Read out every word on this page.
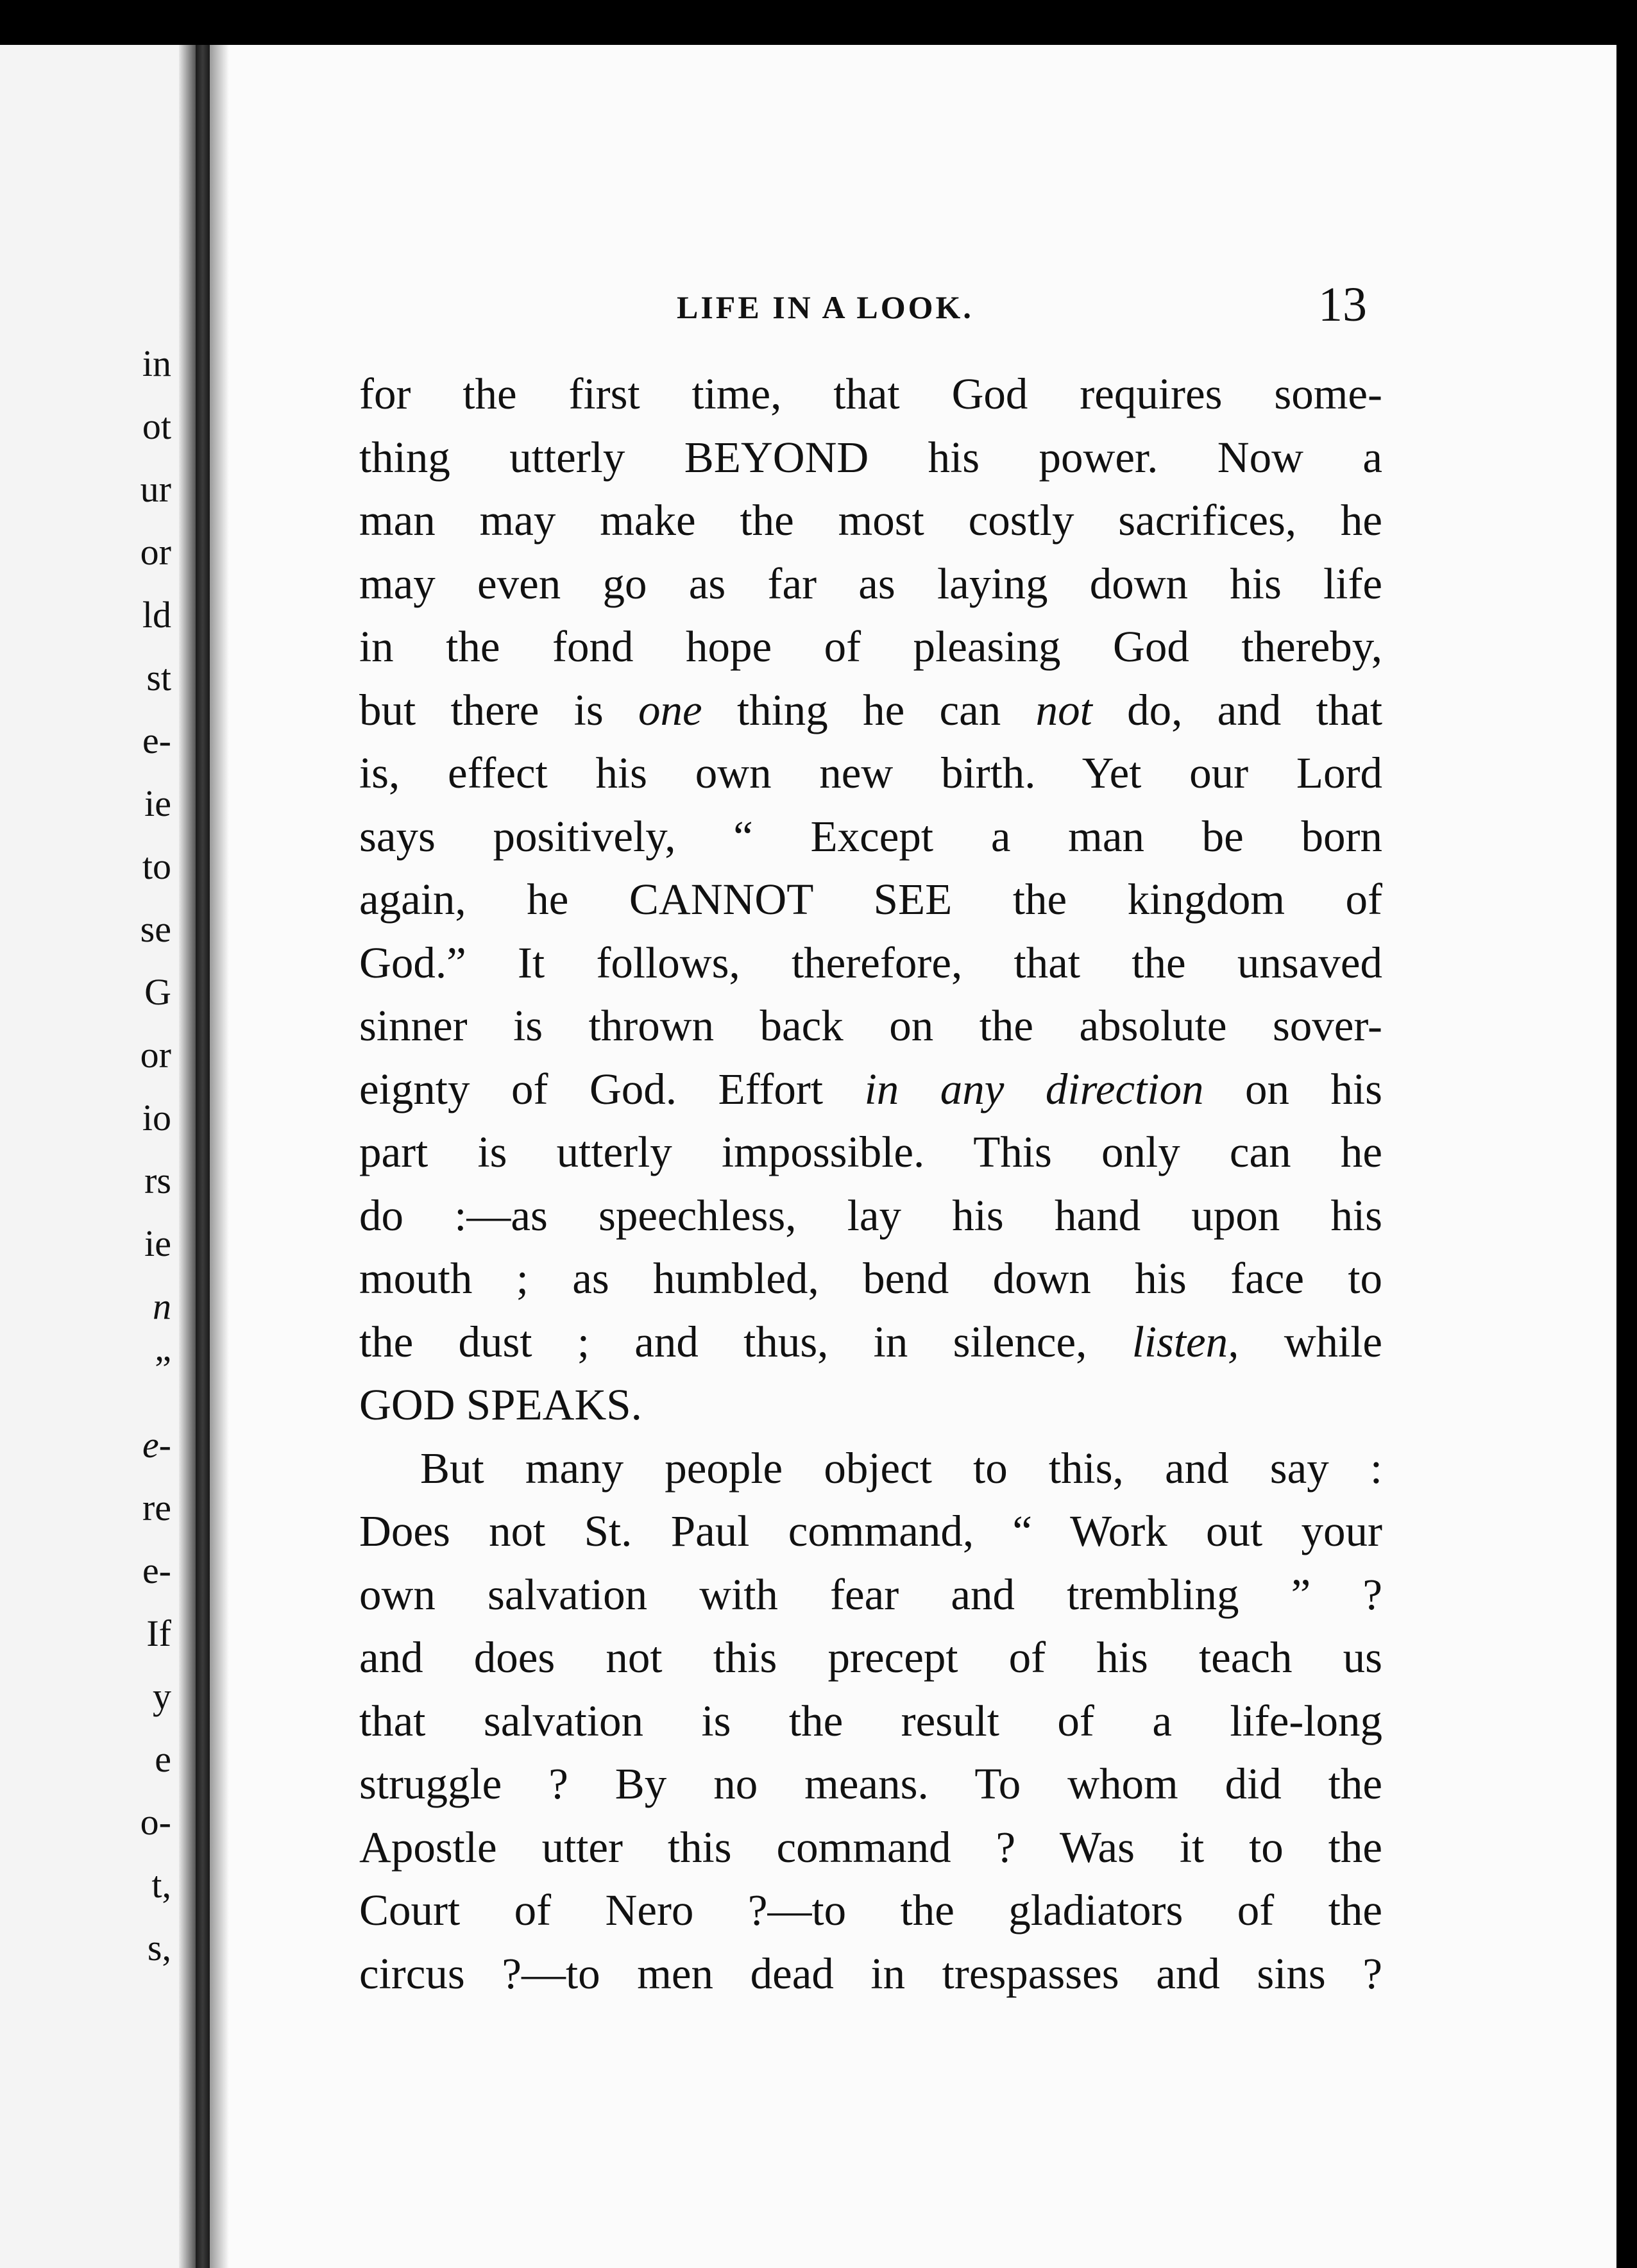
in
ot
ur
or
ld
st
e-
ie
to
se
G
or
io
rs
ie
n
”
e-
re
e-
If
y
e
o-
t,
s,
LIFE IN A LOOK.	13
for the first time, that God requires some-
thing utterly BEYOND his power. Now a
man may make the most costly sacrifices, he
may even go as far as laying down his life
in the fond hope of pleasing God thereby,
but there is one thing he can not do, and that
is, effect his own new birth. Yet our Lord
says positively, “ Except a man be born
again, he CANNOT SEE the kingdom of
God.” It follows, therefore, that the unsaved
sinner is thrown back on the absolute sover-
eignty of God. Effort in any direction on his
part is utterly impossible. This only can he
do :—as speechless, lay his hand upon his
mouth ; as humbled, bend down his face to
the dust ; and thus, in silence, listen, while
GOD SPEAKS.
But many people object to this, and say :
Does not St. Paul command, “ Work out your
own salvation with fear and trembling ” ?
and does not this precept of his teach us
that salvation is the result of a life-long
struggle ? By no means. To whom did the
Apostle utter this command ? Was it to the
Court of Nero ?—to the gladiators of the
circus ?—to men dead in trespasses and sins ?
